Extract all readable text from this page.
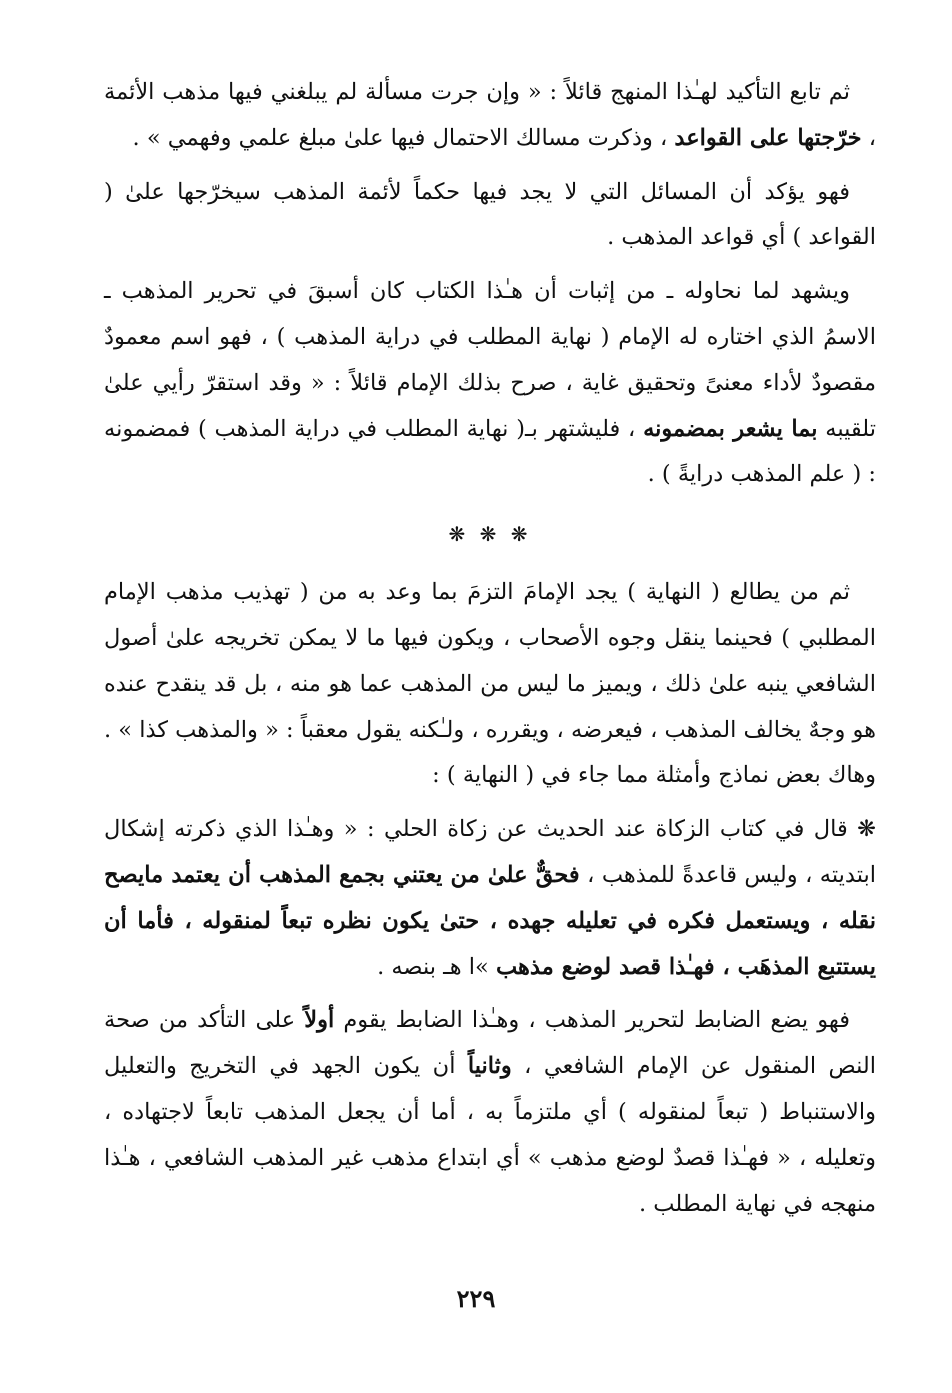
ثم تابع التأكيد لهـٰذا المنهج قائلاً : « وإن جرت مسألة لم يبلغني فيها مذهب الأئمة ، خرّجتها على القواعد ، وذكرت مسالك الاحتمال فيها علىٰ مبلغ علمي وفهمي » .

فهو يؤكد أن المسائل التي لا يجد فيها حكماً لأئمة المذهب سيخرّجها علىٰ ( القواعد ) أي قواعد المذهب .

ويشهد لما نحاوله ـ من إثبات أن هـٰذا الكتاب كان أسبقَ في تحرير المذهب ـ الاسمُ الذي اختاره له الإمام ( نهاية المطلب في دراية المذهب ) ، فهو اسم معمودٌ مقصودٌ لأداء معنىً وتحقيق غاية ، صرح بذلك الإمام قائلاً : « وقد استقرّ رأيي علىٰ تلقيبه بما يشعر بمضمونه ، فليشتهر بـ( نهاية المطلب في دراية المذهب ) فمضمونه : ( علم المذهب درايةً ) .

❋ ❋ ❋

ثم من يطالع ( النهاية ) يجد الإمامَ التزمَ بما وعد به من ( تهذيب مذهب الإمام المطلبي ) فحينما ينقل وجوه الأصحاب ، ويكون فيها ما لا يمكن تخريجه علىٰ أصول الشافعي ينبه علىٰ ذلك ، ويميز ما ليس من المذهب عما هو منه ، بل قد ينقدح عنده هو وجهٌ يخالف المذهب ، فيعرضه ، ويقرره ، ولـٰكنه يقول معقباً : « والمذهب كذا » . وهاك بعض نماذج وأمثلة مما جاء في ( النهاية ) :

❋ قال في كتاب الزكاة عند الحديث عن زكاة الحلي : « وهـٰذا الذي ذكرته إشكال ابتديته ، وليس قاعدةً للمذهب ، فحقٌّ علىٰ من يعتني بجمع المذهب أن يعتمد مايصح نقله ، ويستعمل فكره في تعليله جهده ، حتىٰ يكون نظره تبعاً لمنقوله ، فأما أن يستتبع المذهَب ، فهـٰذا قصد لوضع مذهب »ا هـ بنصه .

فهو يضع الضابط لتحرير المذهب ، وهـٰذا الضابط يقوم أولاً على التأكد من صحة النص المنقول عن الإمام الشافعي ، وثانياً أن يكون الجهد في التخريج والتعليل والاستنباط ( تبعاً لمنقوله ) أي ملتزماً به ، أما أن يجعل المذهب تابعاً لاجتهاده ، وتعليله ، « فهـٰذا قصدٌ لوضع مذهب » أي ابتداع مذهب غير المذهب الشافعي ، هـٰذا منهجه في نهاية المطلب .

٢٢٩
